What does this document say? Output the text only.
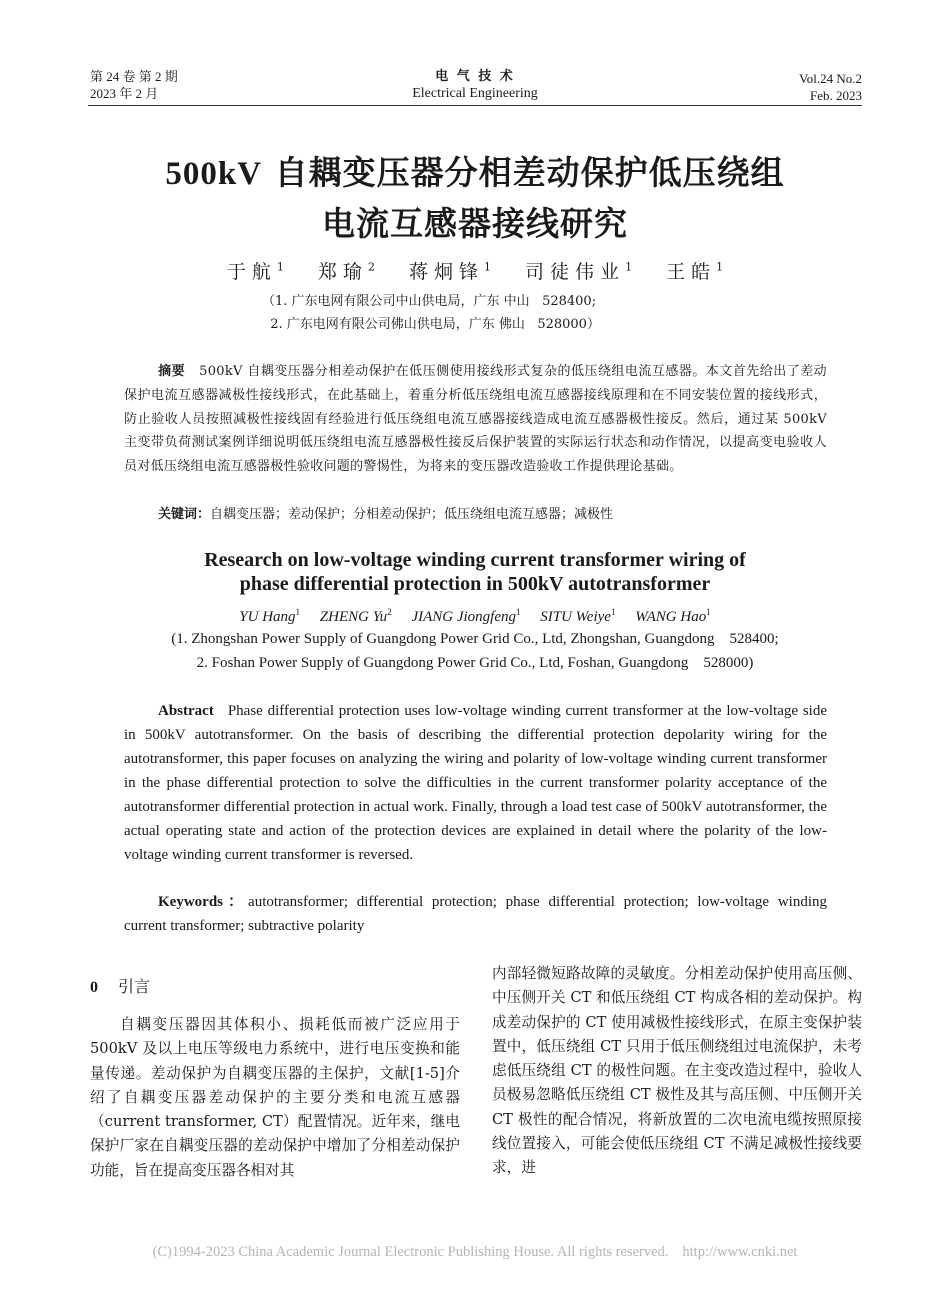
第 24 卷 第 2 期
2023 年 2 月
电 气 技 术
Electrical Engineering
Vol.24 No.2
Feb. 2023
500kV 自耦变压器分相差动保护低压绕组
电流互感器接线研究
于航$^1$ 郑瑜$^2$ 蒋炯锋$^1$ 司徒伟业$^1$ 王皓$^1$
（1. 广东电网有限公司中山供电局，广东 中山   528400;
2. 广东电网有限公司佛山供电局，广东 佛山   528000）
摘要 500kV 自耦变压器分相差动保护在低压侧使用接线形式复杂的低压绕组电流互感器。本文首先给出了差动保护电流互感器减极性接线形式，在此基础上，着重分析低压绕组电流互感器接线原理和在不同安装位置的接线形式，防止验收人员按照减极性接线固有经验进行低压绕组电流互感器接线造成电流互感器极性接反。然后，通过某 500kV 主变带负荷测试案例详细说明低压绕组电流互感器极性接反后保护装置的实际运行状态和动作情况，以提高变电验收人员对低压绕组电流互感器极性验收问题的警惕性，为将来的变压器改造验收工作提供理论基础。
关键词：自耦变压器；差动保护；分相差动保护；低压绕组电流互感器；减极性
Research on low-voltage winding current transformer wiring of
phase differential protection in 500kV autotransformer
YU Hang$^1$ ZHENG Yu$^2$ JIANG Jiongfeng$^1$ SITU Weiye$^1$ WANG Hao$^1$
(1. Zhongshan Power Supply of Guangdong Power Grid Co., Ltd, Zhongshan, Guangdong    528400;
2. Foshan Power Supply of Guangdong Power Grid Co., Ltd, Foshan, Guangdong    528000)
Abstract Phase differential protection uses low-voltage winding current transformer at the low-voltage side in 500kV autotransformer. On the basis of describing the differential protection depolarity wiring for the autotransformer, this paper focuses on analyzing the wiring and polarity of low-voltage winding current transformer in the phase differential protection to solve the difficulties in the current transformer polarity acceptance of the autotransformer differential protection in actual work. Finally, through a load test case of 500kV autotransformer, the actual operating state and action of the protection devices are explained in detail where the polarity of the low-voltage winding current transformer is reversed.
Keywords：autotransformer; differential protection; phase differential protection; low-voltage winding current transformer; subtractive polarity
0 引言
自耦变压器因其体积小、损耗低而被广泛应用于 500kV 及以上电压等级电力系统中，进行电压变换和能量传递。差动保护为自耦变压器的主保护，文献[1-5]介绍了自耦变压器差动保护的主要分类和电流互感器（current transformer, CT）配置情况。近年来，继电保护厂家在自耦变压器的差动保护中增加了分相差动保护功能，旨在提高变压器各相对其
内部轻微短路故障的灵敏度。分相差动保护使用高压侧、中压侧开关 CT 和低压绕组 CT 构成各相的差动保护。构成差动保护的 CT 使用减极性接线形式，在原主变保护装置中，低压绕组 CT 只用于低压侧绕组过电流保护，未考虑低压绕组 CT 的极性问题。在主变改造过程中，验收人员极易忽略低压绕组 CT 极性及其与高压侧、中压侧开关 CT 极性的配合情况，将新放置的二次电流电缆按照原接线位置接入，可能会使低压绕组 CT 不满足减极性接线要求，进
(C)1994-2023 China Academic Journal Electronic Publishing House. All rights reserved. http://www.cnki.net
